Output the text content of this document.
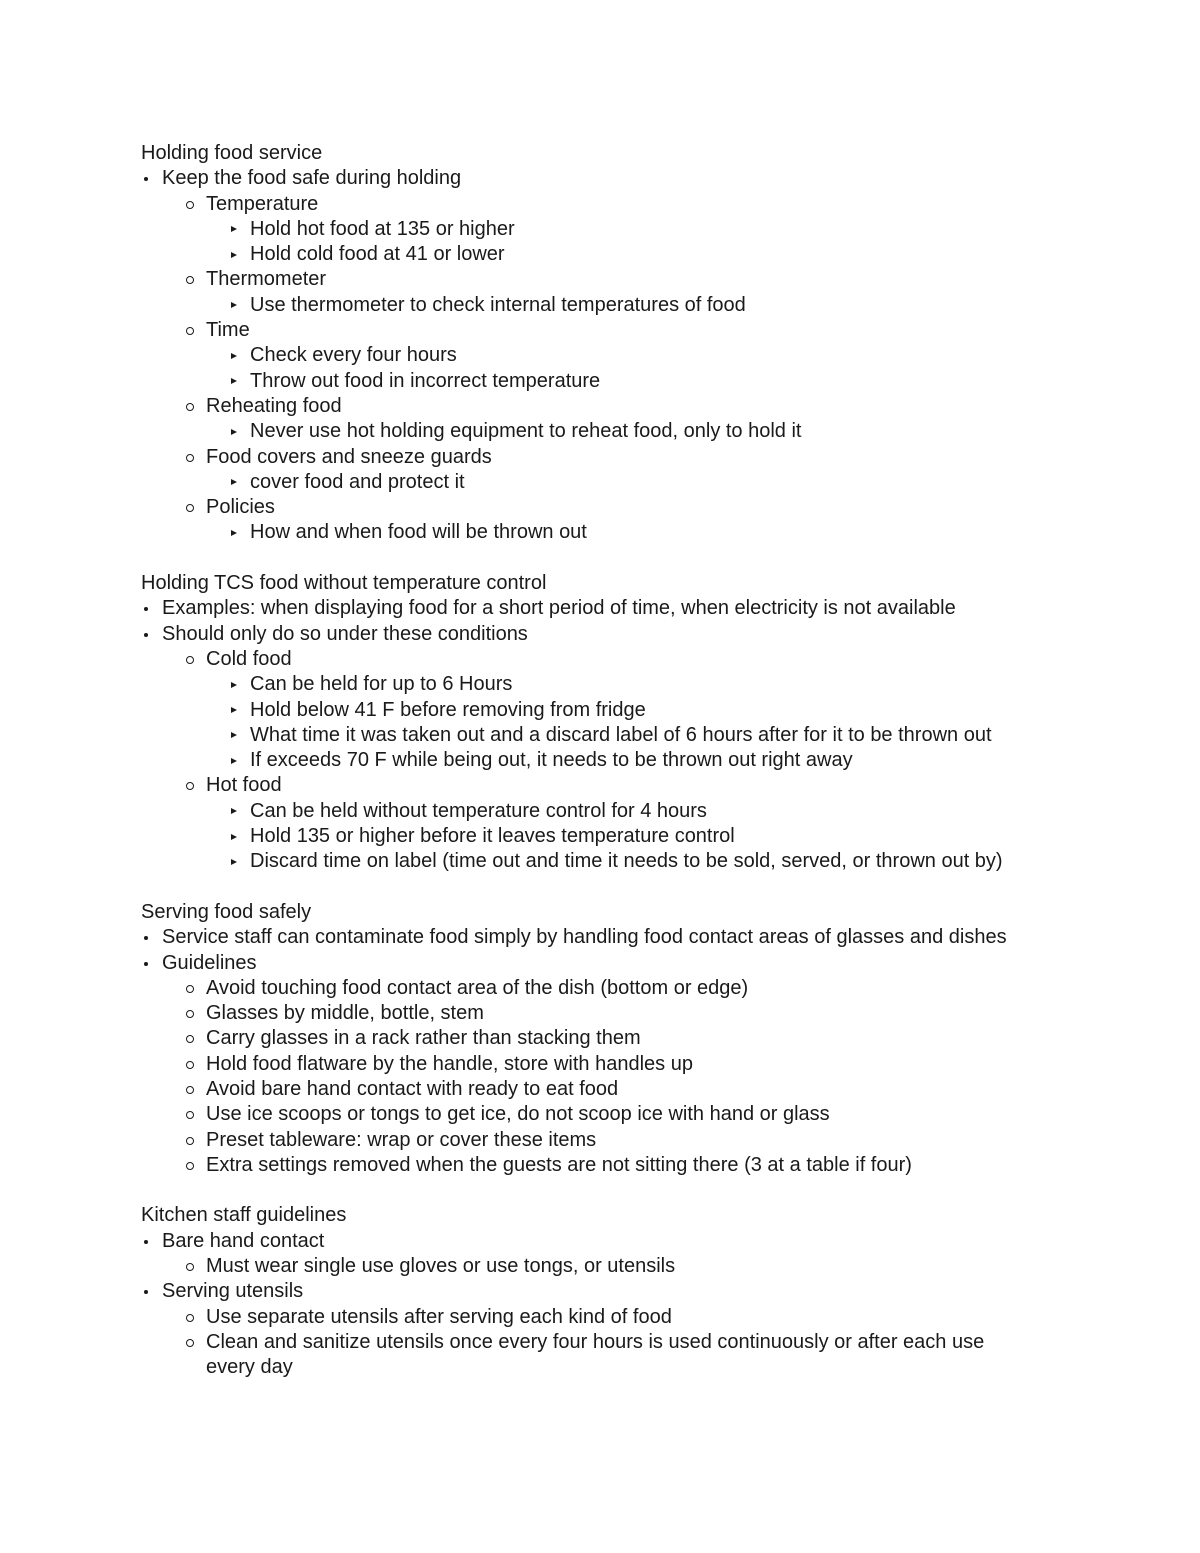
Holding food service
Keep the food safe during holding
Temperature
Hold hot food at 135 or higher
Hold cold food at 41 or lower
Thermometer
Use thermometer to check internal temperatures of food
Time
Check every four hours
Throw out food in incorrect temperature
Reheating food
Never use hot holding equipment to reheat food, only to hold it
Food covers and sneeze guards
cover food and protect it
Policies
How and when food will be thrown out
Holding TCS food without temperature control
Examples: when displaying food for a short period of time, when electricity is not available
Should only do so under these conditions
Cold food
Can be held for up to 6 Hours
Hold below 41 F before removing from fridge
What time it was taken out and a discard label of 6 hours after for it to be thrown out
If exceeds 70 F while being out, it needs to be thrown out right away
Hot food
Can be held without temperature control for 4 hours
Hold 135 or higher before it leaves temperature control
Discard time on label (time out and time it needs to be sold, served, or thrown out by)
Serving food safely
Service staff can contaminate food simply by handling food contact areas of glasses and dishes
Guidelines
Avoid touching food contact area of the dish (bottom or edge)
Glasses by middle, bottle, stem
Carry glasses in a rack rather than stacking them
Hold food flatware by the handle, store with handles up
Avoid bare hand contact with ready to eat food
Use ice scoops or tongs to get ice, do not scoop ice with hand or glass
Preset tableware: wrap or cover these items
Extra settings removed when the guests are not sitting there (3 at a table if four)
Kitchen staff guidelines
Bare hand contact
Must wear single use gloves or use tongs, or utensils
Serving utensils
Use separate utensils after serving each kind of food
Clean and sanitize utensils once every four hours is used continuously or after each use every day
